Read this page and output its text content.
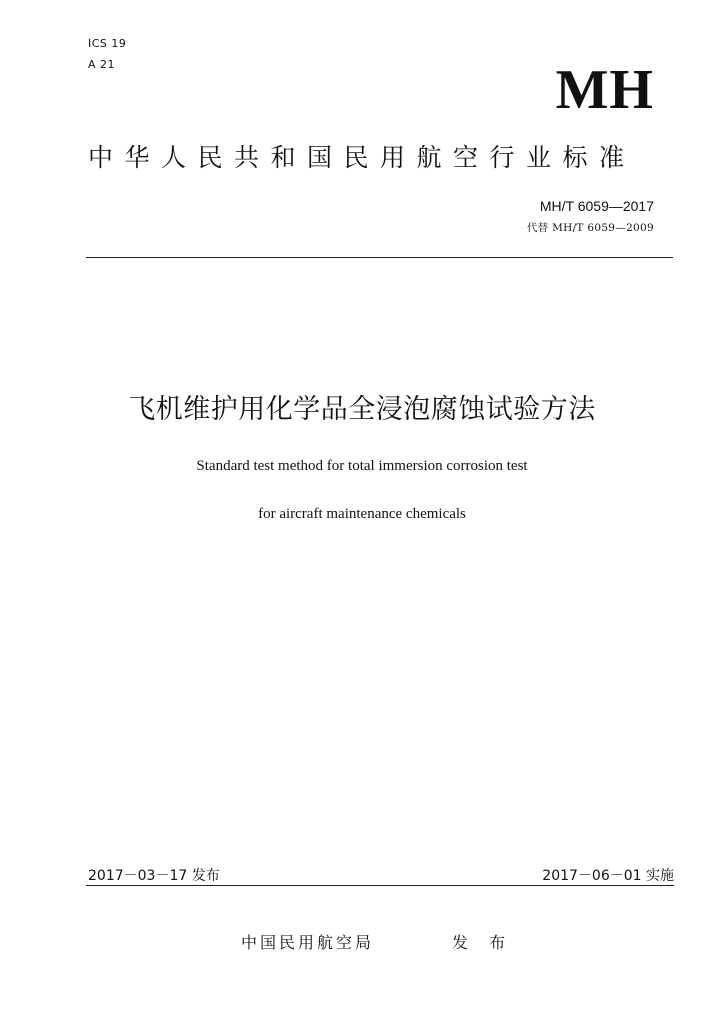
ICS 19
A 21	MH
中华人民共和国民用航空行业标准
MH/T 6059—2017
代替 MH/T 6059—2009
飞机维护用化学品全浸泡腐蚀试验方法
Standard test method for total immersion corrosion test
for aircraft maintenance chemicals
2017－03－17 发布	2017－06－01 实施
中国民用航空局	发 布
